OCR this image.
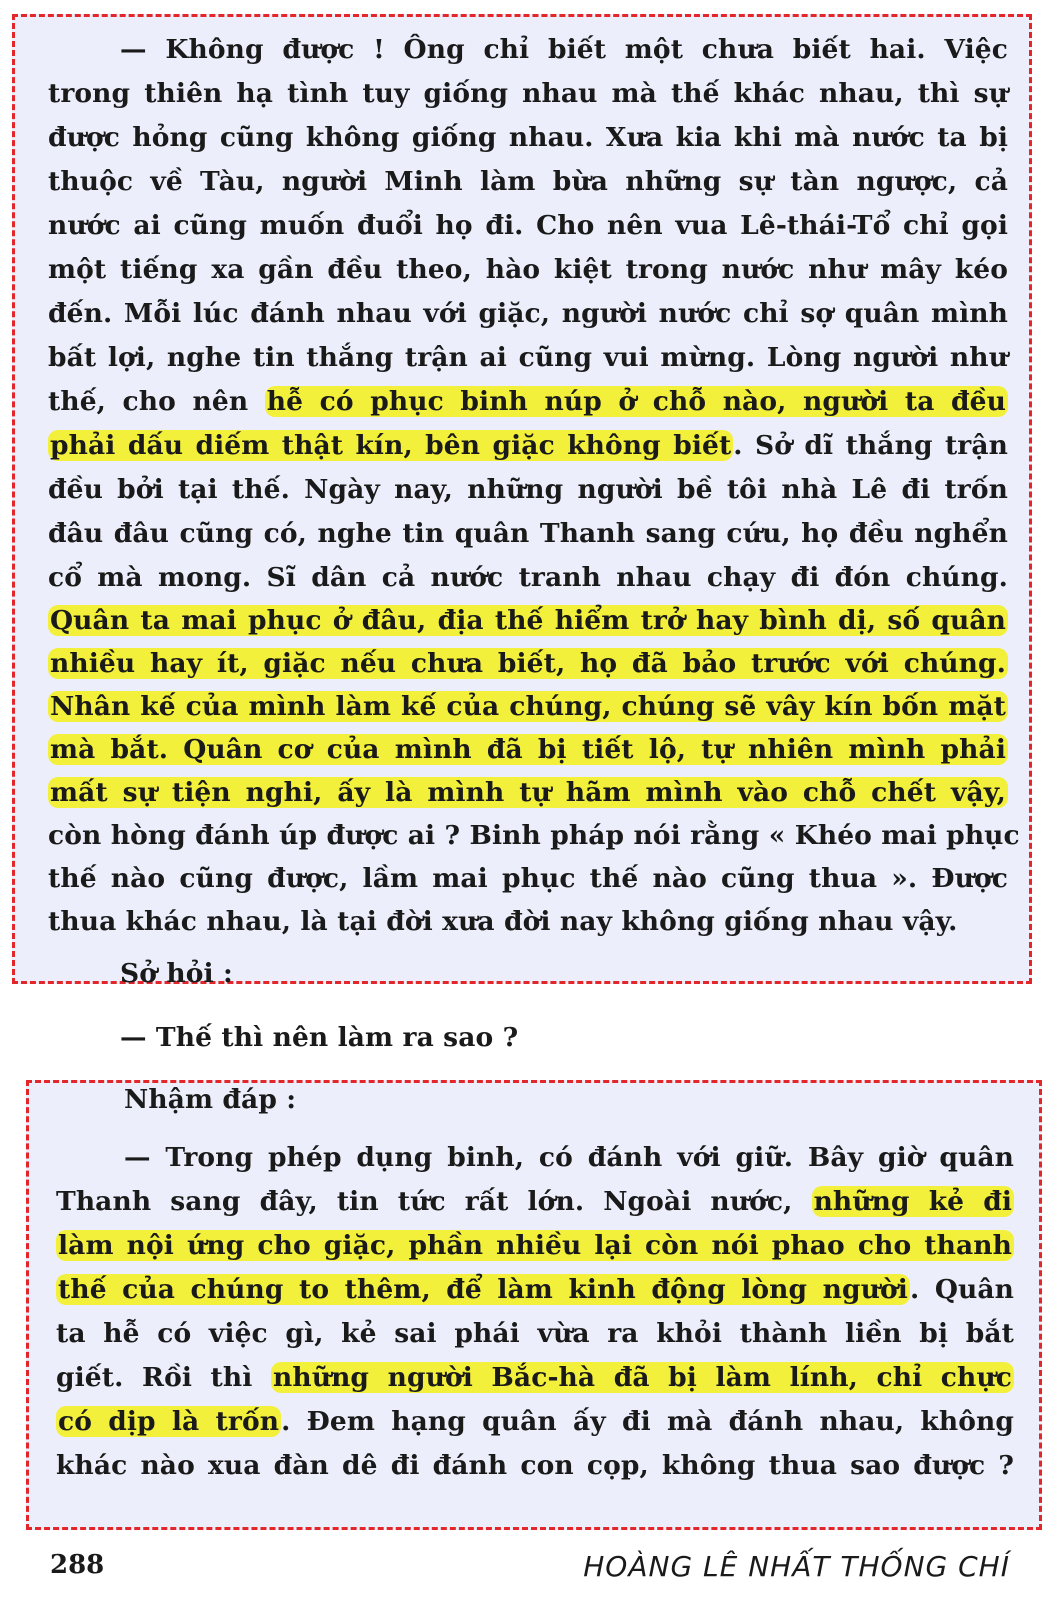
— Không được ! Ông chỉ biết một chưa biết hai. Việc
trong thiên hạ tình tuy giống nhau mà thế khác nhau, thì sự
được hỏng cũng không giống nhau. Xưa kia khi mà nước ta bị
thuộc về Tàu, người Minh làm bừa những sự tàn ngược, cả
nước ai cũng muốn đuổi họ đi. Cho nên vua Lê-thái-Tổ chỉ gọi
một tiếng xa gần đều theo, hào kiệt trong nước như mây kéo
đến. Mỗi lúc đánh nhau với giặc, người nước chỉ sợ quân mình
bất lợi, nghe tin thắng trận ai cũng vui mừng. Lòng người như
thế, cho nên hễ có phục binh núp ở chỗ nào, người ta đều
phải dấu diếm thật kín, bên giặc không biết. Sở dĩ thắng trận
đều bởi tại thế. Ngày nay, những người bề tôi nhà Lê đi trốn
đâu đâu cũng có, nghe tin quân Thanh sang cứu, họ đều nghển
cổ mà mong. Sĩ dân cả nước tranh nhau chạy đi đón chúng.
Quân ta mai phục ở đâu, địa thế hiểm trở hay bình dị, số quân
nhiều hay ít, giặc nếu chưa biết, họ đã bảo trước với chúng.
Nhân kế của mình làm kế của chúng, chúng sẽ vây kín bốn mặt
mà bắt. Quân cơ của mình đã bị tiết lộ, tự nhiên mình phải
mất sự tiện nghi, ấy là mình tự hãm mình vào chỗ chết vậy,
còn hòng đánh úp được ai ? Binh pháp nói rằng « Khéo mai phục
thế nào cũng được, lầm mai phục thế nào cũng thua ». Được
thua khác nhau, là tại đời xưa đời nay không giống nhau vậy.
Sở hỏi :
— Thế thì nên làm ra sao ?
Nhậm đáp :
— Trong phép dụng binh, có đánh với giữ. Bây giờ quân
Thanh sang đây, tin tức rất lớn. Ngoài nước, những kẻ đi
làm nội ứng cho giặc, phần nhiều lại còn nói phao cho thanh
thế của chúng to thêm, để làm kinh động lòng người. Quân
ta hễ có việc gì, kẻ sai phái vừa ra khỏi thành liền bị bắt
giết. Rồi thì những người Bắc-hà đã bị làm lính, chỉ chực
có dịp là trốn. Đem hạng quân ấy đi mà đánh nhau, không
khác nào xua đàn dê đi đánh con cọp, không thua sao được ?
288	HOÀNG LÊ NHẤT THỐNG CHÍ
